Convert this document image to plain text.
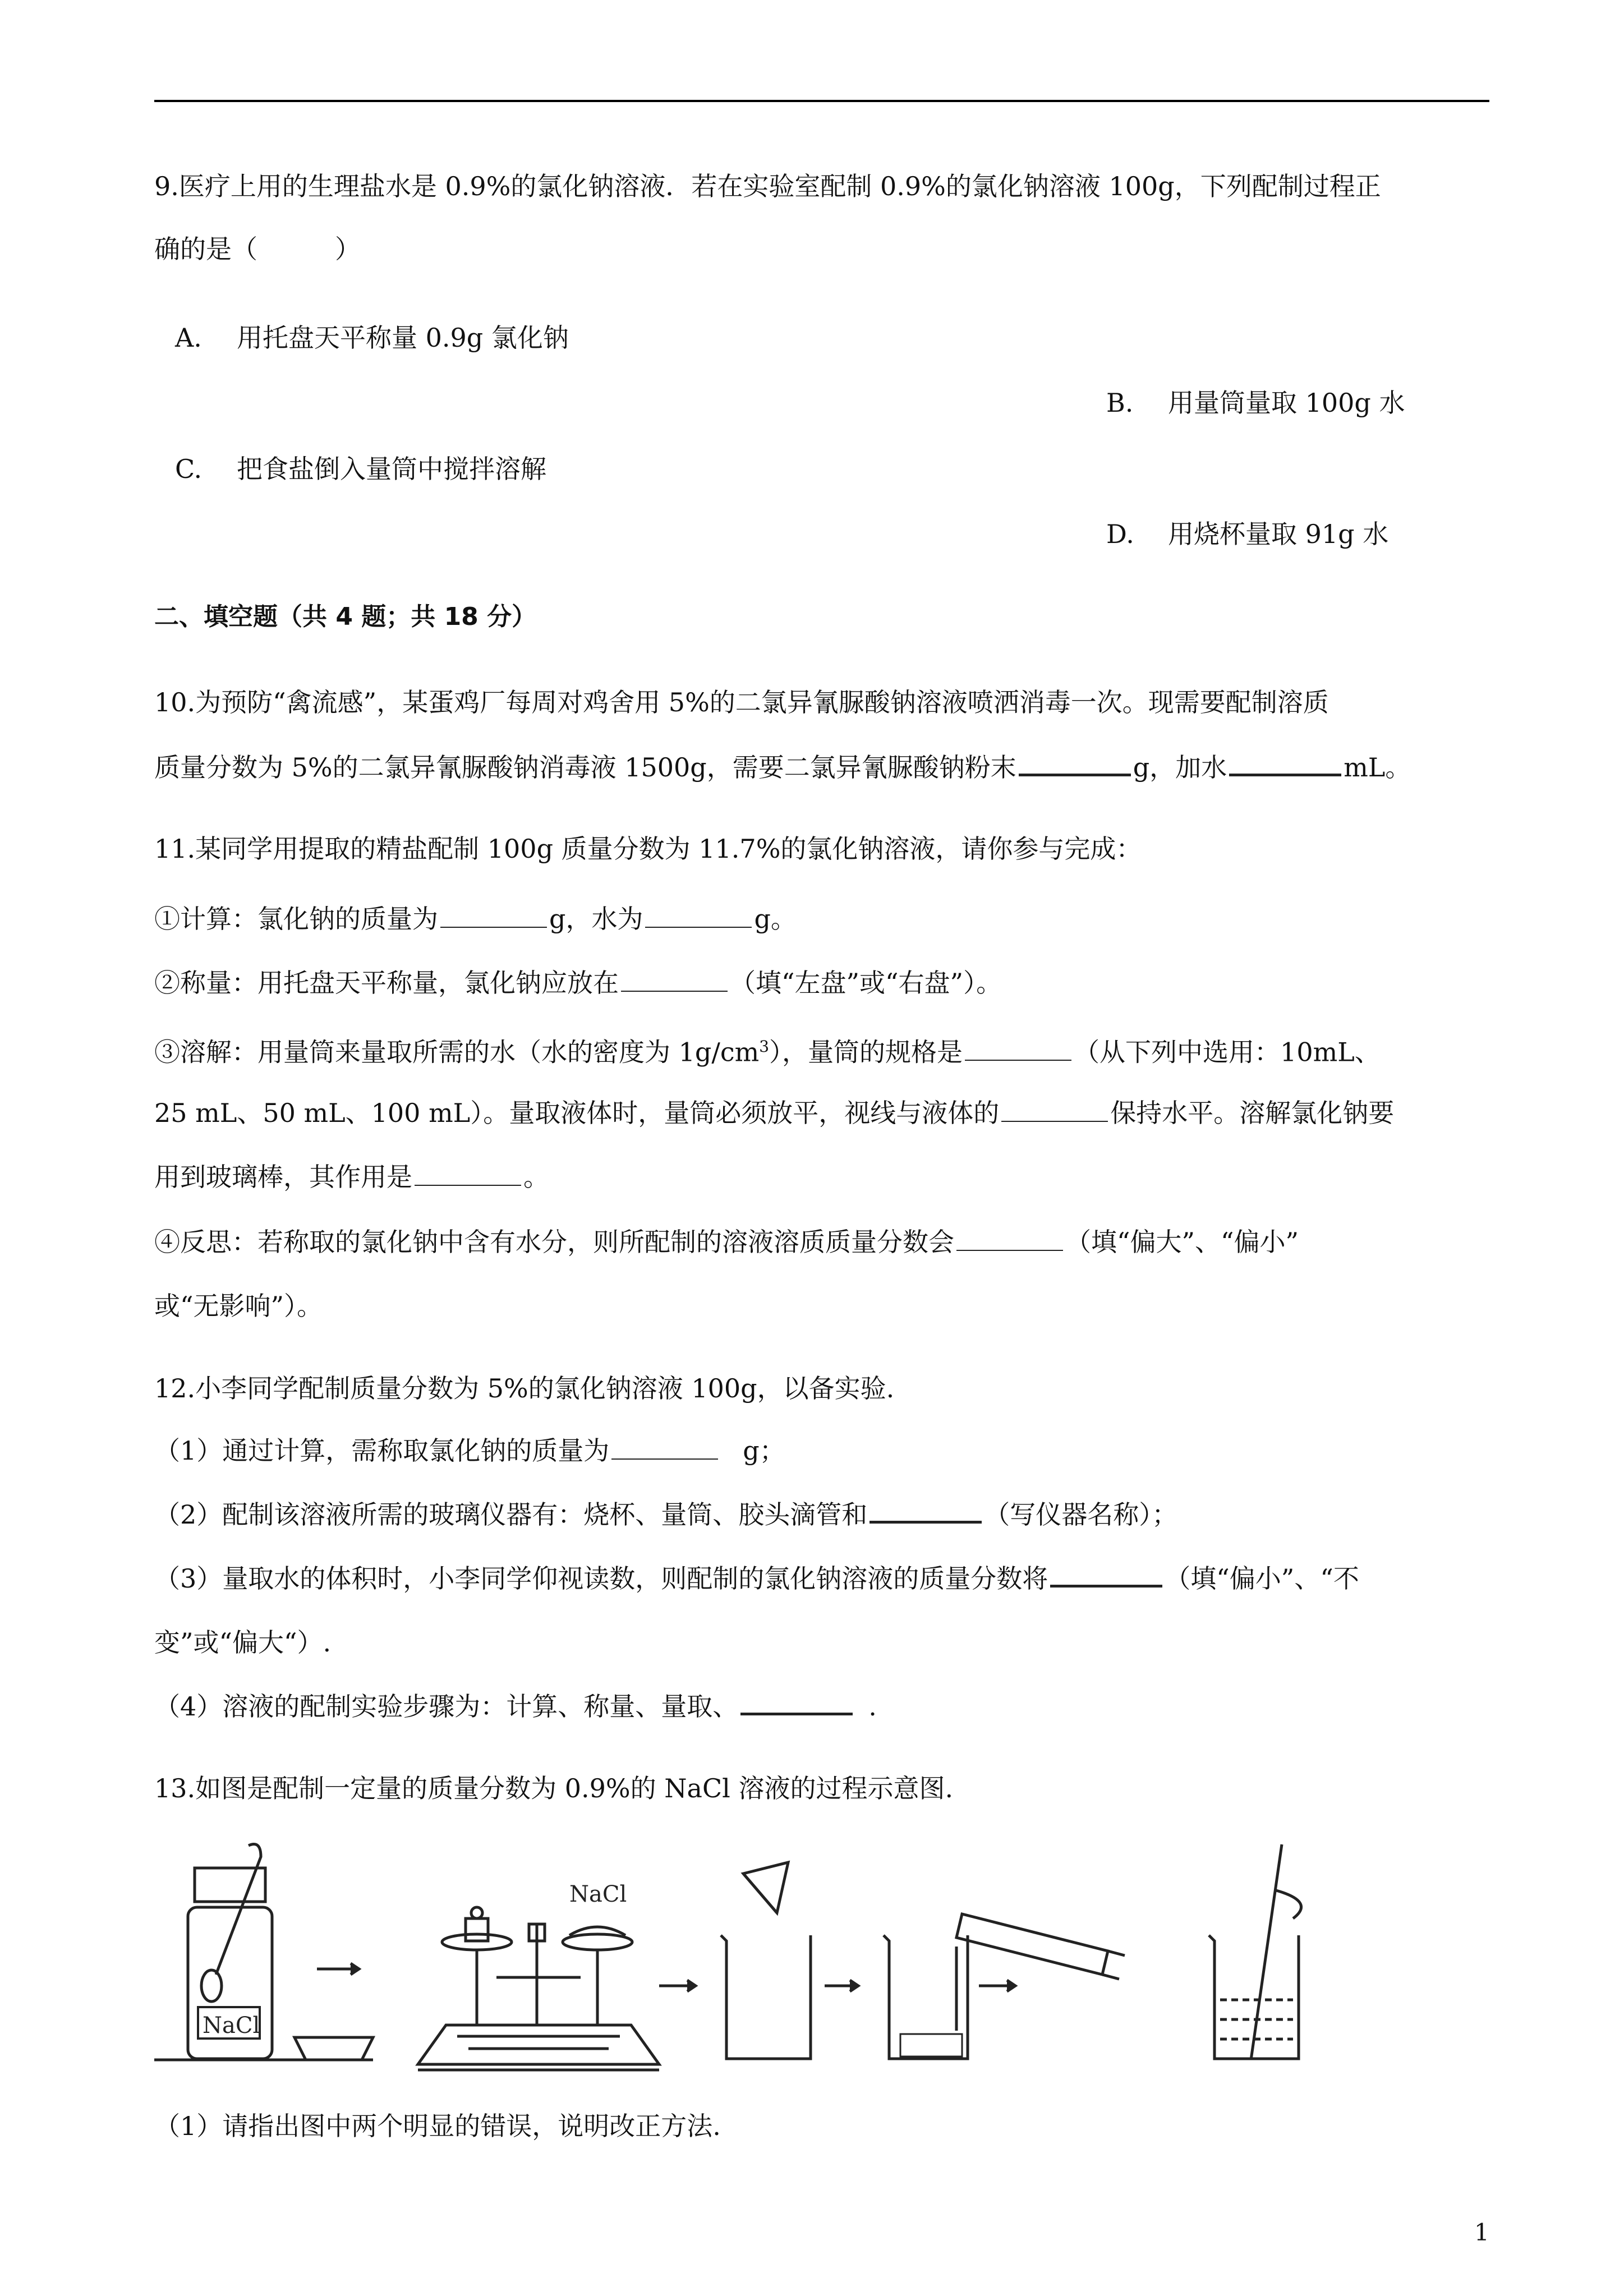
9.医疗上用的生理盐水是 0.9%的氯化钠溶液．若在实验室配制 0.9%的氯化钠溶液 100g，下列配制过程正
确的是（　　　）
A. 用托盘天平称量 0.9g 氯化钠
B. 用量筒量取 100g 水
C. 把食盐倒入量筒中搅拌溶解
D. 用烧杯量取 91g 水
二、填空题（共 4 题；共 18 分）
10.为预防“禽流感”，某蛋鸡厂每周对鸡舍用 5%的二氯异氰脲酸钠溶液喷洒消毒一次。现需要配制溶质
质量分数为 5%的二氯异氰脲酸钠消毒液 1500g，需要二氯异氰脲酸钠粉末	g，加水	mL。
11.某同学用提取的精盐配制 100g 质量分数为 11.7%的氯化钠溶液，请你参与完成：
①计算：氯化钠的质量为	g，水为	g。
②称量：用托盘天平称量，氯化钠应放在	（填“左盘”或“右盘”）。
③溶解：用量筒来量取所需的水（水的密度为 $1g/cm^3$），量筒的规格是	（从下列中选用：10mL、
25 mL、50 mL、100 mL）。量取液体时，量筒必须放平，视线与液体的	保持水平。溶解氯化钠要
用到玻璃棒，其作用是	。
④反思：若称取的氯化钠中含有水分，则所配制的溶液溶质质量分数会	（填“偏大”、“偏小”
或“无影响”）。
12.小李同学配制质量分数为 5%的氯化钠溶液 100g，以备实验.
（1）通过计算，需称取氯化钠的质量为	g；
（2）配制该溶液所需的玻璃仪器有：烧杯、量筒、胶头滴管和	（写仪器名称）；
（3）量取水的体积时，小李同学仰视读数，则配制的氯化钠溶液的质量分数将	（填“偏小”、“不
变”或“偏大“）.
（4）溶液的配制实验步骤为：计算、称量、量取、	.
13.如图是配制一定量的质量分数为 0.9%的 NaCl 溶液的过程示意图.
NaCl
NaCl
（1）请指出图中两个明显的错误，说明改正方法.
1
